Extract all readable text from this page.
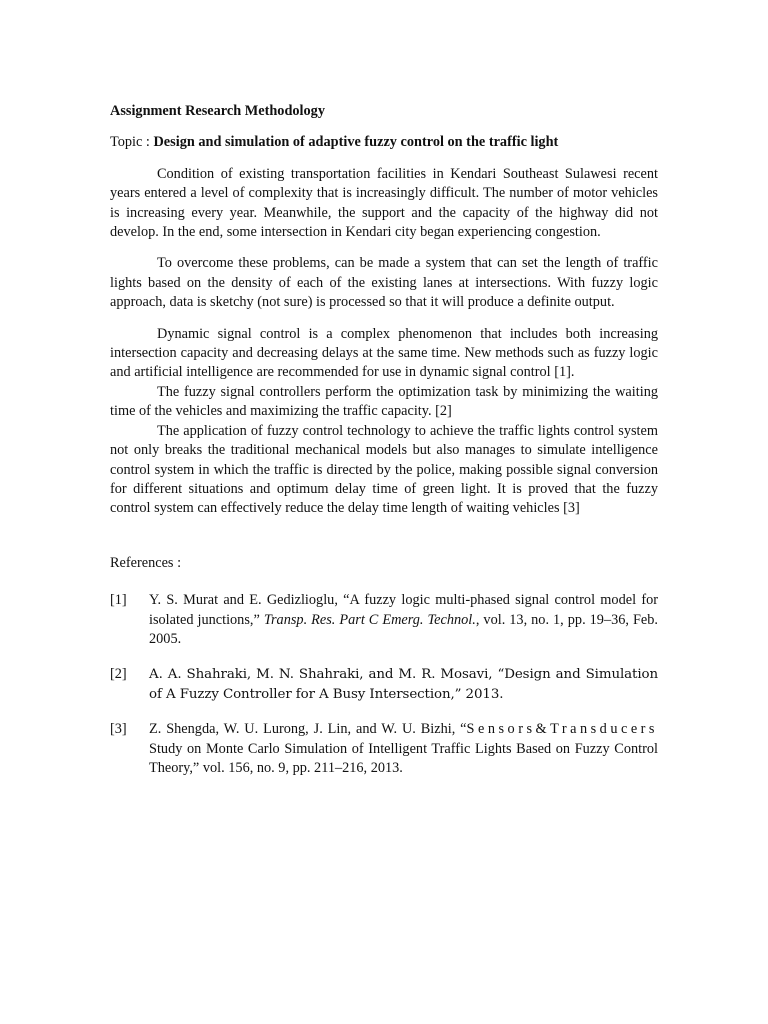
Assignment Research Methodology

Topic : Design and simulation of adaptive fuzzy control on the traffic light

Condition of existing transportation facilities in Kendari Southeast Sulawesi recent years entered a level of complexity that is increasingly difficult. The number of motor vehicles is increasing every year. Meanwhile, the support and the capacity of the highway did not develop. In the end, some intersection in Kendari city began experiencing congestion.

To overcome these problems, can be made a system that can set the length of traffic lights based on the density of each of the existing lanes at intersections. With fuzzy logic approach, data is sketchy (not sure) is processed so that it will produce a definite output.

Dynamic signal control is a complex phenomenon that includes both increasing intersection capacity and decreasing delays at the same time. New methods such as fuzzy logic and artificial intelligence are recommended for use in dynamic signal control [1].

The fuzzy signal controllers perform the optimization task by minimizing the waiting time of the vehicles and maximizing the traffic capacity. [2]

The application of fuzzy control technology to achieve the traffic lights control system not only breaks the traditional mechanical models but also manages to simulate intelligence control system in which the traffic is directed by the police, making possible signal conversion for different situations and optimum delay time of green light. It is proved that the fuzzy control system can effectively reduce the delay time length of waiting vehicles [3]

References :

[1]	Y. S. Murat and E. Gedizlioglu, “A fuzzy logic multi-phased signal control model for isolated junctions,” Transp. Res. Part C Emerg. Technol., vol. 13, no. 1, pp. 19–36, Feb. 2005.
[2]	A. A. Shahraki, M. N. Shahraki, and M. R. Mosavi, “Design and Simulation of A Fuzzy Controller for A Busy Intersection,” 2013.
[3]	Z. Shengda, W. U. Lurong, J. Lin, and W. U. Bizhi, “Sensors&Transducers Study on Monte Carlo Simulation of Intelligent Traffic Lights Based on Fuzzy Control Theory,” vol. 156, no. 9, pp. 211–216, 2013.
